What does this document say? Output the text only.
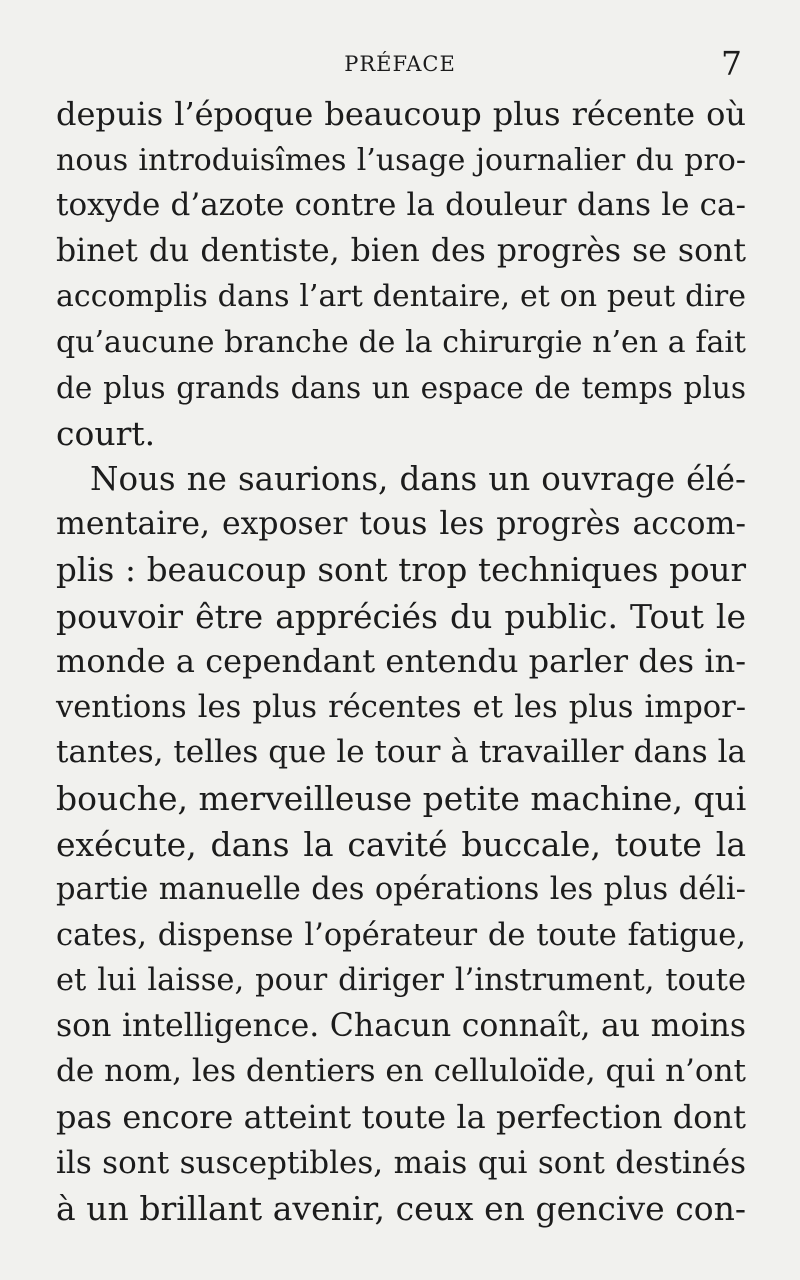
PRÉFACE	7
depuis l’époque beaucoup plus récente où
nous introduisîmes l’usage journalier du pro-
toxyde d’azote contre la douleur dans le ca-
binet du dentiste, bien des progrès se sont
accomplis dans l’art dentaire, et on peut dire
qu’aucune branche de la chirurgie n’en a fait
de plus grands dans un espace de temps plus
court.
Nous ne saurions, dans un ouvrage élé-
mentaire, exposer tous les progrès accom-
plis : beaucoup sont trop techniques pour
pouvoir être appréciés du public. Tout le
monde a cependant entendu parler des in-
ventions les plus récentes et les plus impor-
tantes, telles que le tour à travailler dans la
bouche, merveilleuse petite machine, qui
exécute, dans la cavité buccale, toute la
partie manuelle des opérations les plus déli-
cates, dispense l’opérateur de toute fatigue,
et lui laisse, pour diriger l’instrument, toute
son intelligence. Chacun connaît, au moins
de nom, les dentiers en celluloïde, qui n’ont
pas encore atteint toute la perfection dont
ils sont susceptibles, mais qui sont destinés
à un brillant avenir, ceux en gencive con-
